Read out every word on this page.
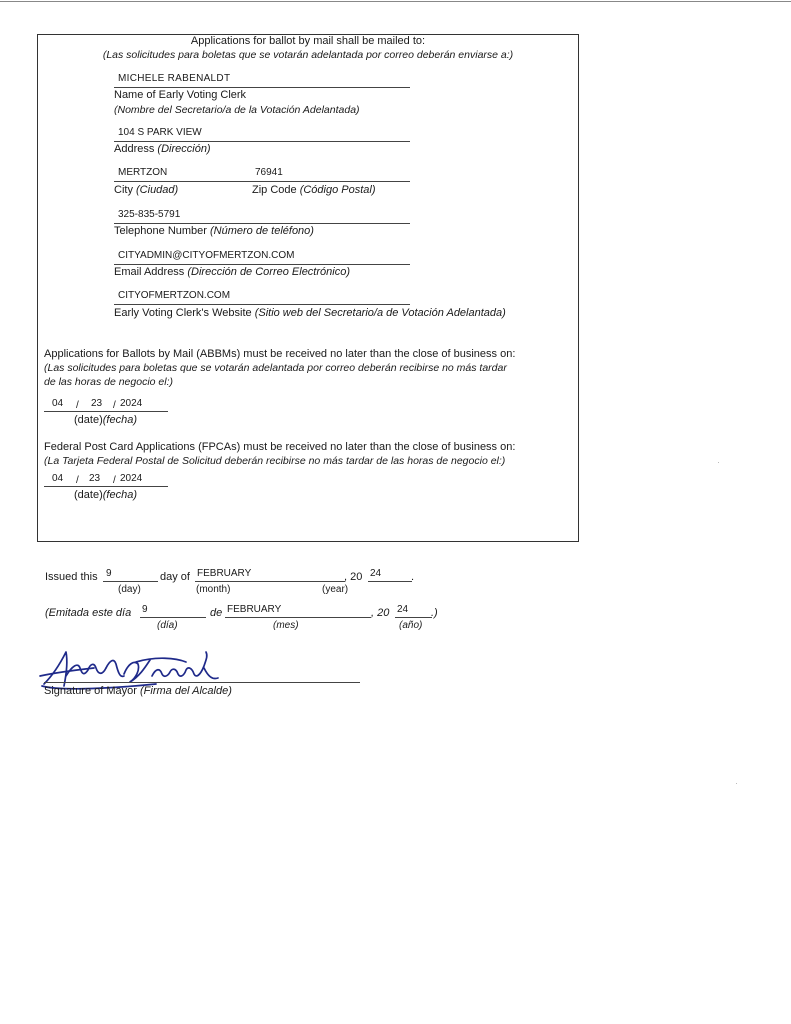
Applications for ballot by mail shall be mailed to:
(Las solicitudes para boletas que se votarán adelantada por correo deberán enviarse a:)
MICHELE RABENALDT
Name of Early Voting Clerk
(Nombre del Secretario/a de la Votación Adelantada)
104 S PARK VIEW
Address (Dirección)
MERTZON	76941
City (Ciudad)	Zip Code (Código Postal)
325-835-5791
Telephone Number (Número de teléfono)
CITYADMIN@CITYOFMERTZON.COM
Email Address (Dirección de Correo Electrónico)
CITYOFMERTZON.COM
Early Voting Clerk's Website (Sitio web del Secretario/a de Votación Adelantada)
Applications for Ballots by Mail (ABBMs) must be received no later than the close of business on:
(Las solicitudes para boletas que se votarán adelantada por correo deberán recibirse no más tardar
de las horas de negocio el:)
04 / 23 / 2024
(date)(fecha)
Federal Post Card Applications (FPCAs) must be received no later than the close of business on:
(La Tarjeta Federal Postal de Solicitud deberán recibirse no más tardar de las horas de negocio el:)
04 / 23 / 2024
(date)(fecha)
Issued this 9	day of FEBRUARY	, 20 24	.
(day)	(month)	(year)
(Emitada este día 9	de FEBRUARY	, 20 24 .)
(día)	(mes)	(año)
Signature of Mayor (Firma del Alcalde)
